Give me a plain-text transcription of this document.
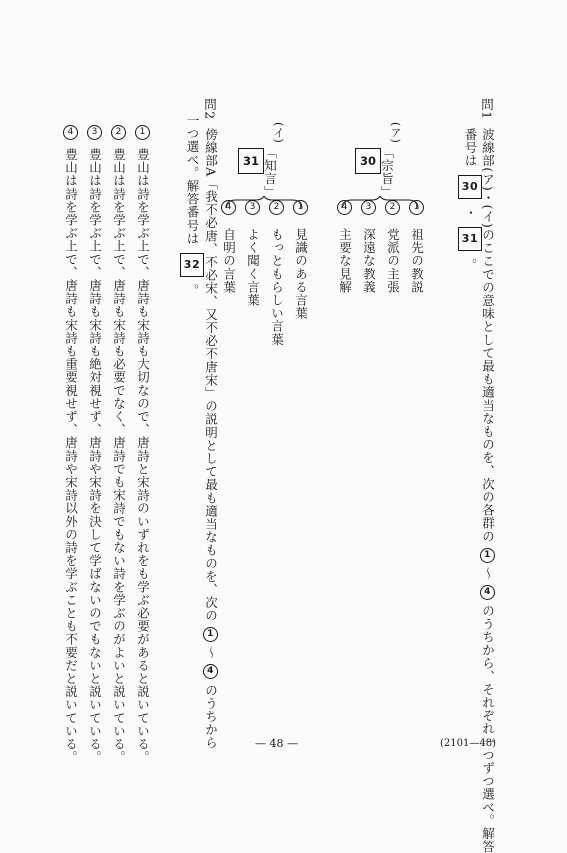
問1
波線部(ア)・(イ)のここでの意味として最も適当なものを、次の各群の 1 〜 4 のうちから、それぞれ一つずつ選べ。解答
番号は 30 ・ 31 。
(ア)
「宗旨」
30
(イ)
「知言」
31
1
祖先の教説
2
党派の主張
3
深遠な教義
4
主要な見解
1
見識のある言葉
2
もっともらしい言葉
3
よく聞く言葉
4
自明の言葉
問2
傍線部A「我不必唐、不必宋、又不必不唐宋」の説明として最も適当なものを、次の 1 〜 4 のうちから
一つ選べ。解答番号は 32 。
1
豊山は詩を学ぶ上で、唐詩も宋詩も大切なので、唐詩と宋詩のいずれをも学ぶ必要があると説いている。
2
豊山は詩を学ぶ上で、唐詩も宋詩も必要でなく、唐詩でも宋詩でもない詩を学ぶのがよいと説いている。
3
豊山は詩を学ぶ上で、唐詩も宋詩も絶対視せず、唐詩や宋詩を決して学ばないのでもないと説いている。
4
豊山は詩を学ぶ上で、唐詩も宋詩も重要視せず、唐詩や宋詩以外の詩を学ぶことも不要だと説いている。	— 48 —	(2101—48)
